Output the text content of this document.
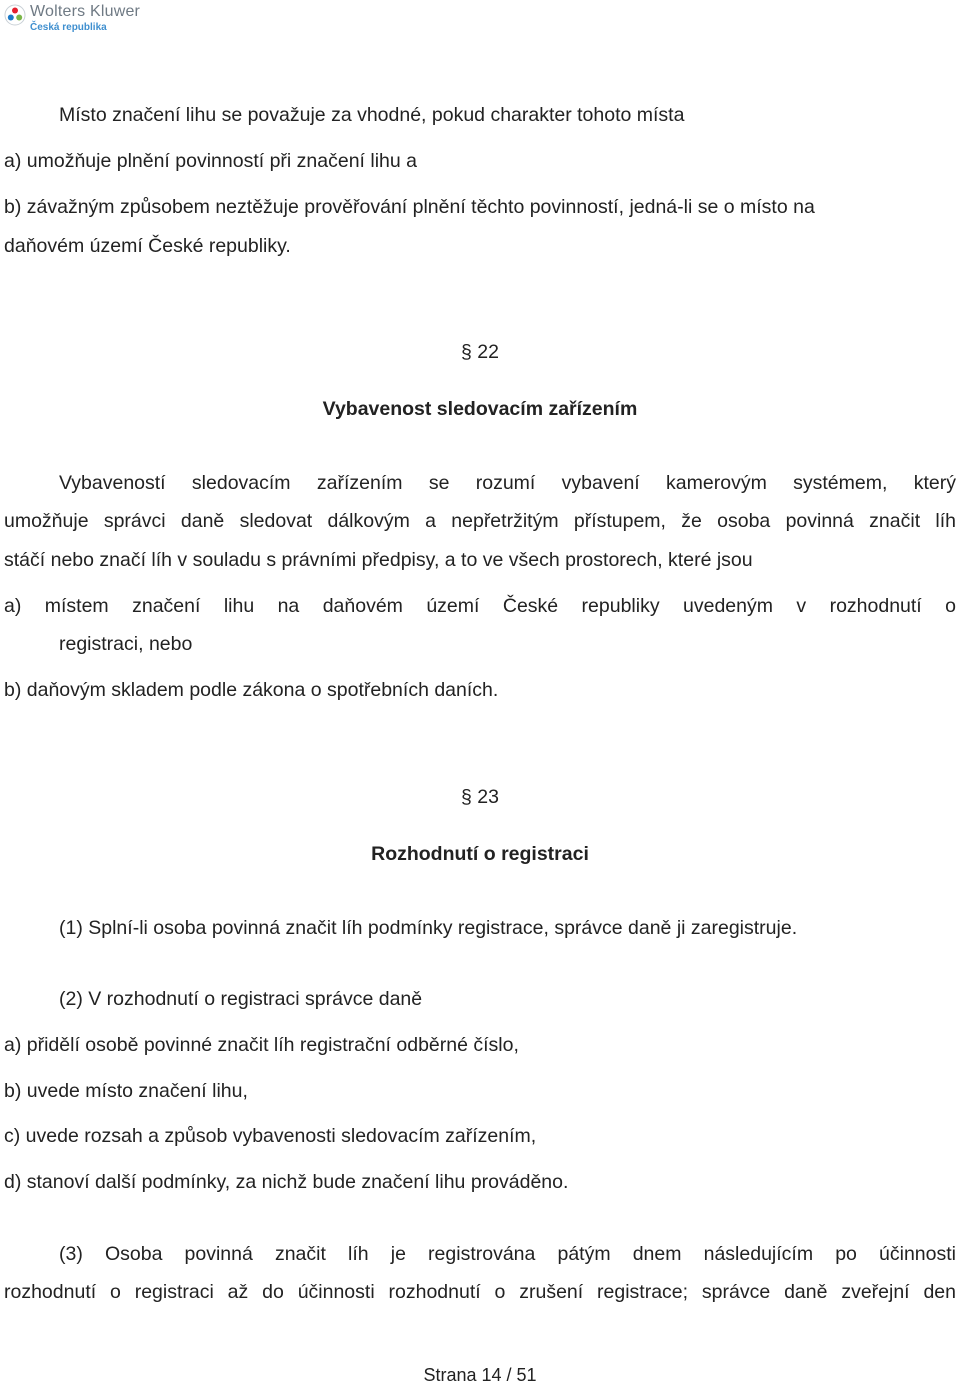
Wolters Kluwer
Česká republika
Místo značení lihu se považuje za vhodné, pokud charakter tohoto místa
a) umožňuje plnění povinností při značení lihu a
b) závažným způsobem neztěžuje prověřování plnění těchto povinností, jedná-li se o místo na
daňovém území České republiky.
§ 22
Vybavenost sledovacím zařízením
Vybaveností sledovacím zařízením se rozumí vybavení kamerovým systémem, který
umožňuje správci daně sledovat dálkovým a nepřetržitým přístupem, že osoba povinná značit líh
stáčí nebo značí líh v souladu s právními předpisy, a to ve všech prostorech, které jsou
a) místem značení lihu na daňovém území České republiky uvedeným v rozhodnutí o
registraci, nebo
b) daňovým skladem podle zákona o spotřebních daních.
§ 23
Rozhodnutí o registraci
(1) Splní-li osoba povinná značit líh podmínky registrace, správce daně ji zaregistruje.
(2) V rozhodnutí o registraci správce daně
a) přidělí osobě povinné značit líh registrační odběrné číslo,
b) uvede místo značení lihu,
c) uvede rozsah a způsob vybavenosti sledovacím zařízením,
d) stanoví další podmínky, za nichž bude značení lihu prováděno.
(3) Osoba povinná značit líh je registrována pátým dnem následujícím po účinnosti
rozhodnutí o registraci až do účinnosti rozhodnutí o zrušení registrace; správce daně zveřejní den
Strana 14 / 51
